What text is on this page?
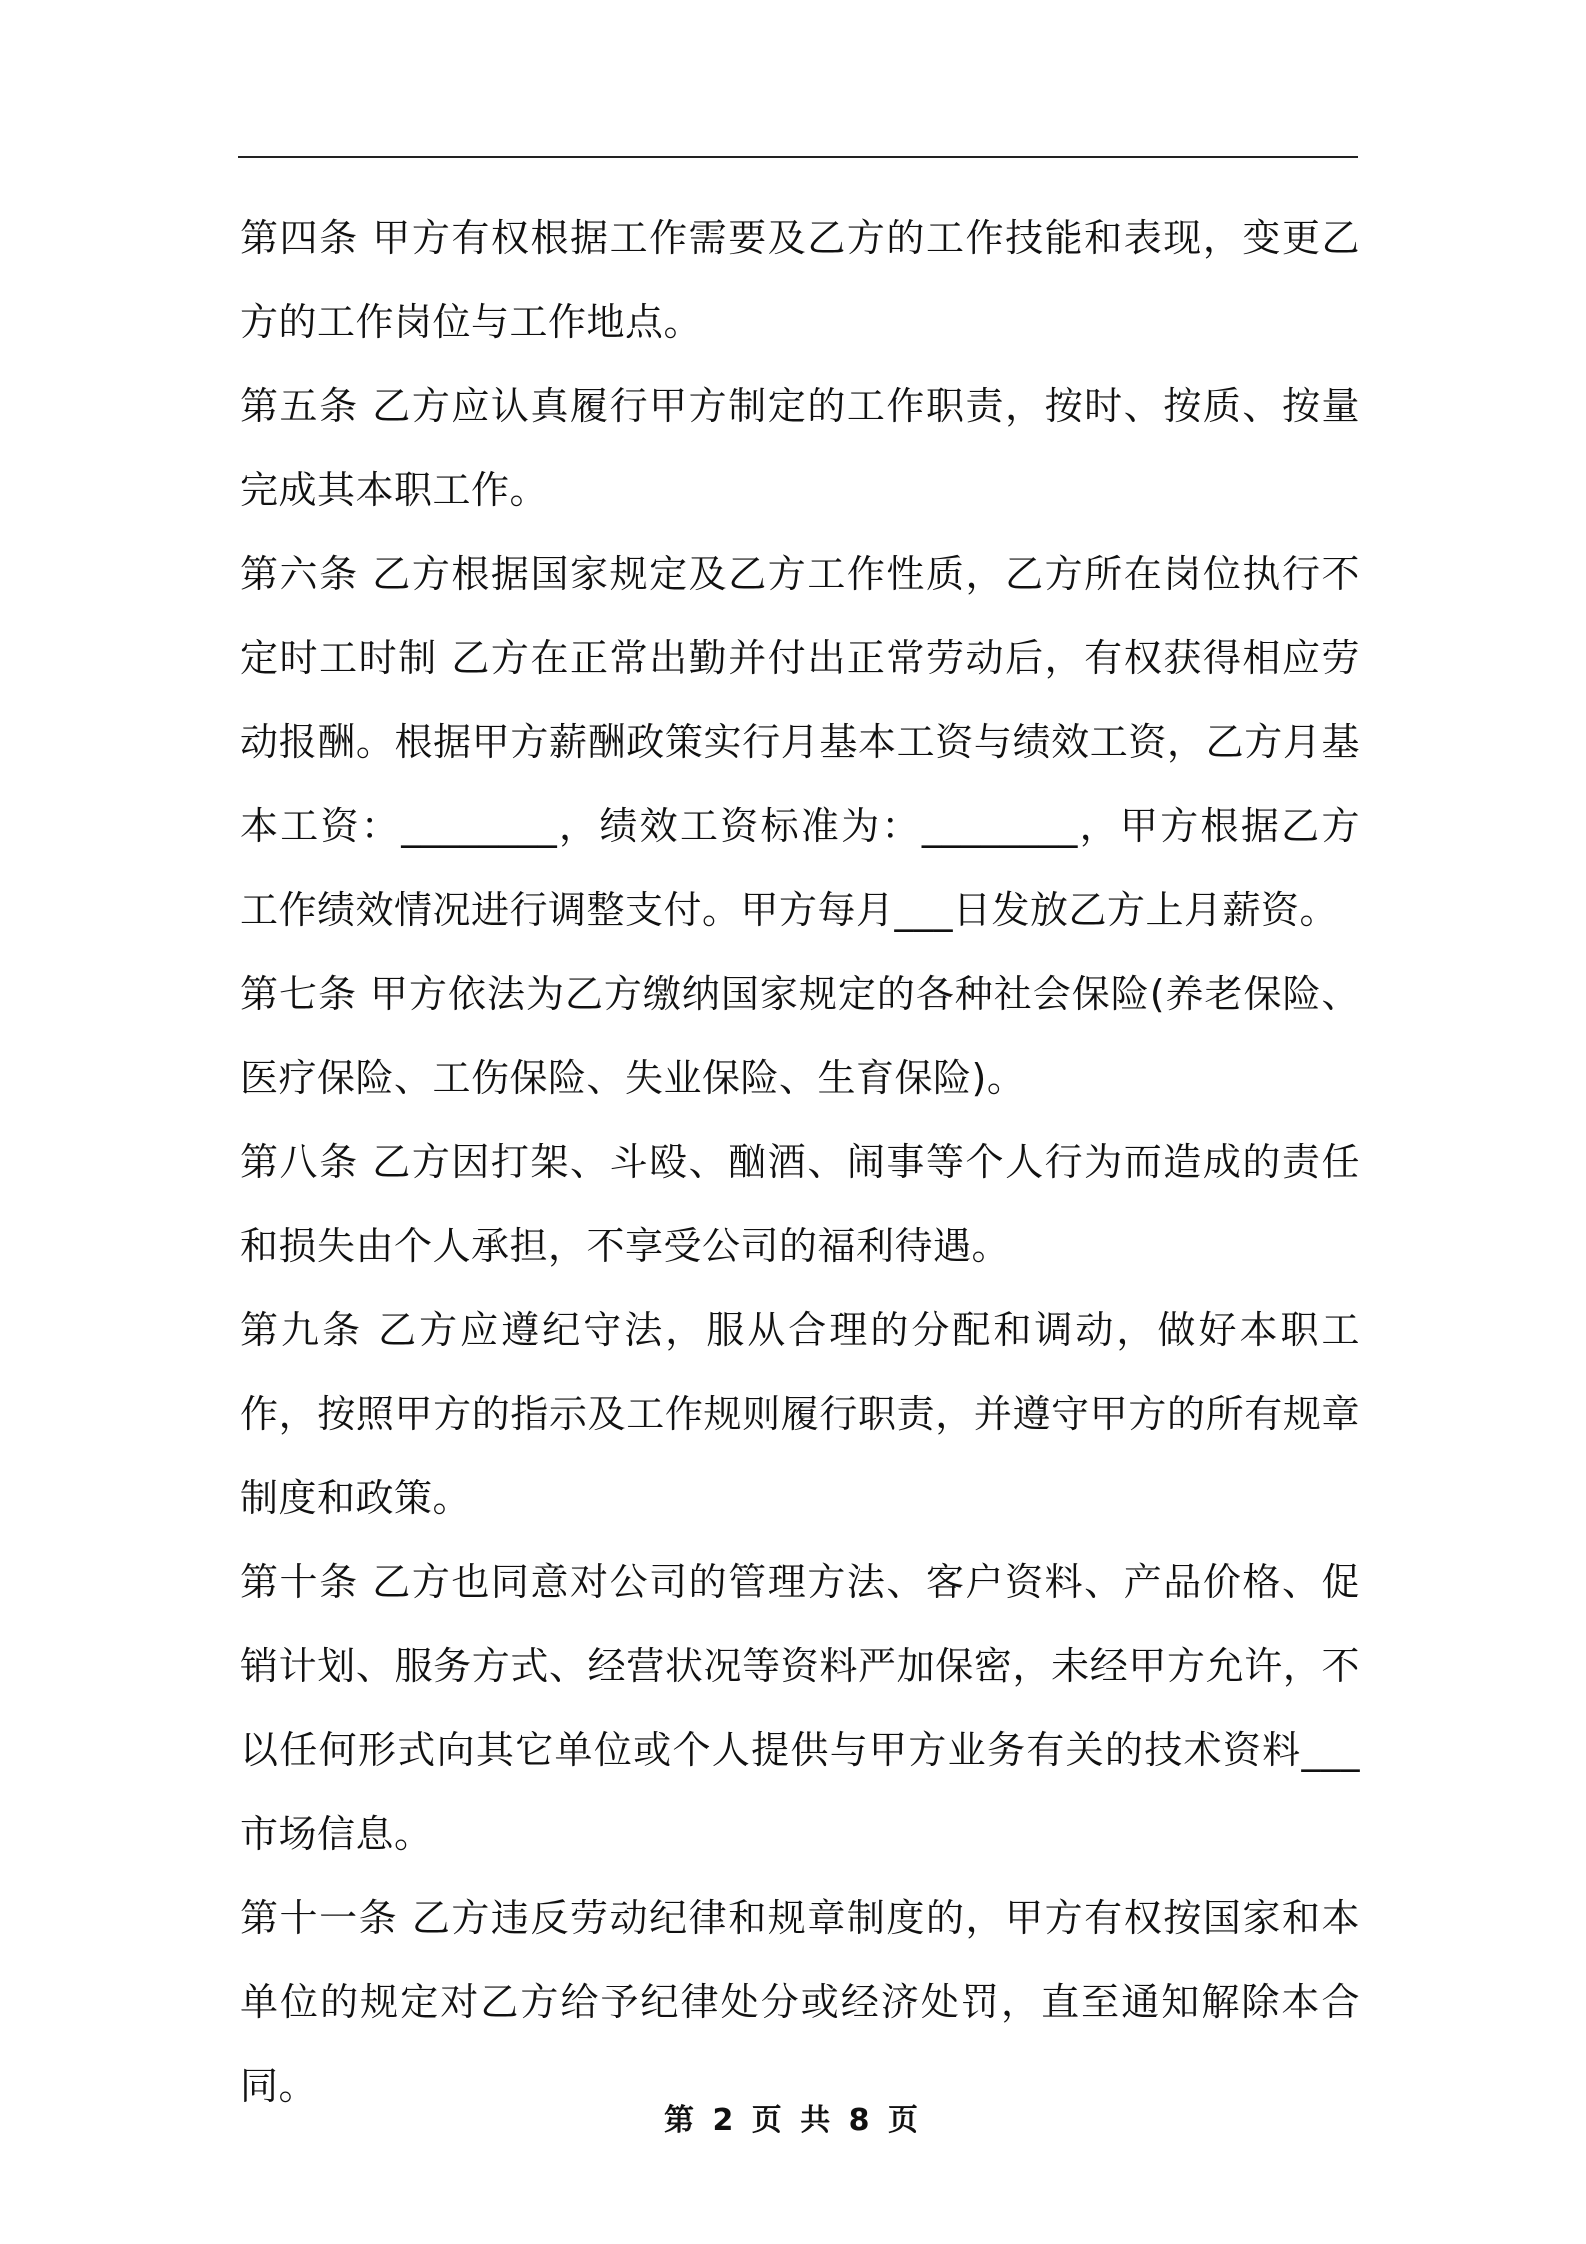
第四条 甲方有权根据工作需要及乙方的工作技能和表现，变更乙方的工作岗位与工作地点。

第五条 乙方应认真履行甲方制定的工作职责，按时、按质、按量完成其本职工作。

第六条 乙方根据国家规定及乙方工作性质，乙方所在岗位执行不定时工时制 乙方在正常出勤并付出正常劳动后，有权获得相应劳动报酬。根据甲方薪酬政策实行月基本工资与绩效工资，乙方月基本工资：________，绩效工资标准为：________，甲方根据乙方工作绩效情况进行调整支付。甲方每月___日发放乙方上月薪资。

第七条 甲方依法为乙方缴纳国家规定的各种社会保险(养老保险、医疗保险、工伤保险、失业保险、生育保险)。

第八条 乙方因打架、斗殴、酗酒、闹事等个人行为而造成的责任和损失由个人承担，不享受公司的福利待遇。

第九条 乙方应遵纪守法，服从合理的分配和调动，做好本职工作，按照甲方的指示及工作规则履行职责，并遵守甲方的所有规章制度和政策。

第十条 乙方也同意对公司的管理方法、客户资料、产品价格、促销计划、服务方式、经营状况等资料严加保密，未经甲方允许，不以任何形式向其它单位或个人提供与甲方业务有关的技术资料___市场信息。

第十一条 乙方违反劳动纪律和规章制度的，甲方有权按国家和本单位的规定对乙方给予纪律处分或经济处罚，直至通知解除本合同。

第 2 页 共 8 页
